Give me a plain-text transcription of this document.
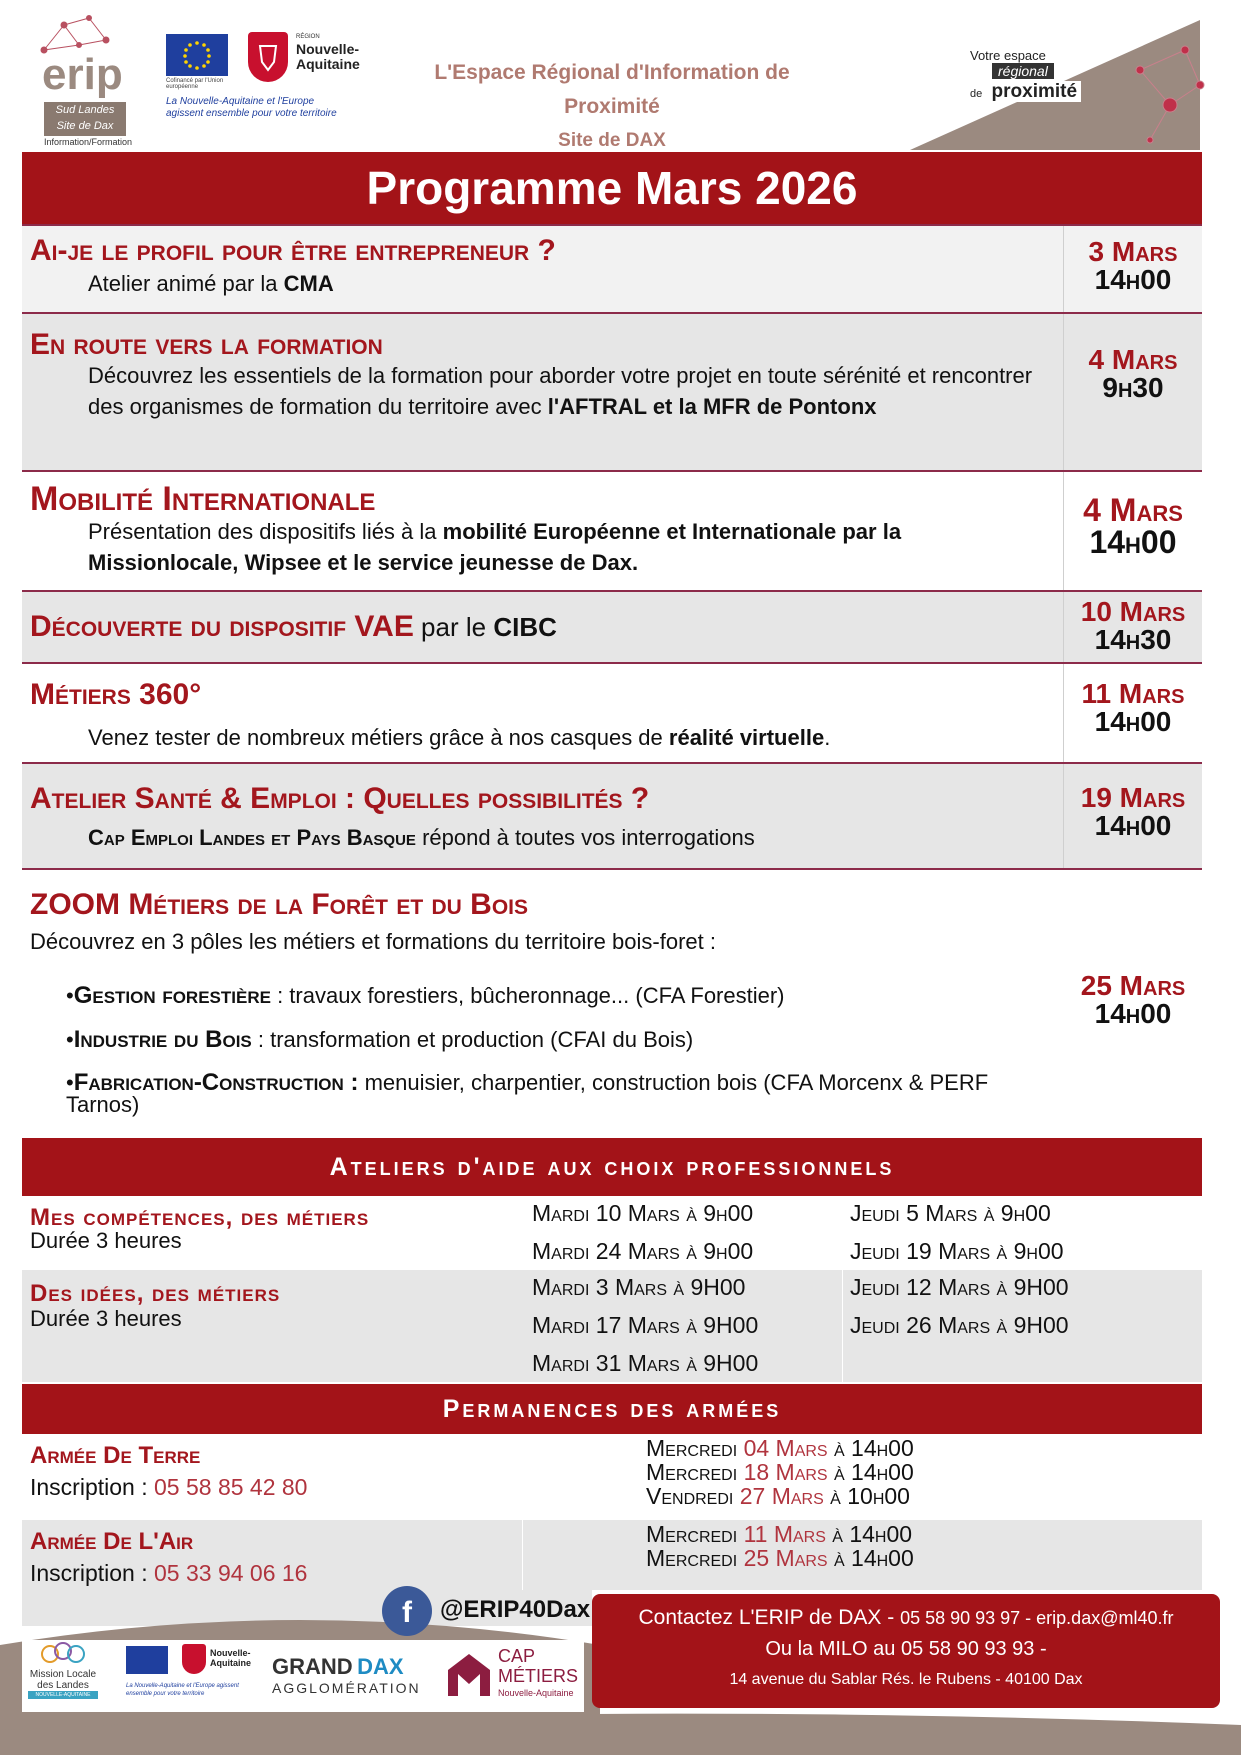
erip
Sud Landes
Site de Dax
Information/Formation
Cofinancé par l'Union européenne
RÉGION
Nouvelle-
Aquitaine
La Nouvelle-Aquitaine et l'Europe
agissent ensemble pour votre territoire
L'Espace Régional d'Information de Proximité
Site de DAX
Votre espace
régional
de proximité
Programme Mars 2026
Ai-je le profil pour être entrepreneur ?
Atelier animé par la CMA
3 Mars
14h00
En route vers la formation
Découvrez les essentiels de la formation pour aborder votre projet en toute sérénité et rencontrer des organismes de formation du territoire avec l'AFTRAL et la MFR de Pontonx
4 Mars
9h30
Mobilité Internationale
Présentation des dispositifs liés à la mobilité Européenne et Internationale par la Missionlocale, Wipsee et le service jeunesse de Dax.
4 Mars
14h00
Découverte du dispositif VAE par le CIBC	10 Mars
14h30
Métiers 360°
Venez tester de nombreux métiers grâce à nos casques de réalité virtuelle.
11 Mars
14h00
Atelier Santé & Emploi : Quelles possibilités ?
Cap Emploi Landes et Pays Basque répond à toutes vos interrogations
19 Mars
14h00
ZOOM Métiers de la Forêt et du Bois
Découvrez en 3 pôles les métiers et formations du territoire bois-foret :
•Gestion forestière : travaux forestiers, bûcheronnage... (CFA Forestier)
•Industrie du Bois : transformation et production (CFAI du Bois)
•Fabrication-Construction : menuisier, charpentier, construction bois (CFA Morcenx & PERF Tarnos)
25 Mars
14h00
Ateliers d'aide aux choix professionnels
Mes compétences, des métiers
Durée 3 heures
Mardi 10 Mars à 9h00
Mardi 24 Mars à 9h00
Jeudi 5 Mars à 9h00
Jeudi 19 Mars à 9h00
Des idées, des métiers
Durée 3 heures
Mardi 3 Mars à 9H00
Mardi 17 Mars à 9H00
Mardi 31 Mars à 9H00
Jeudi 12 Mars à 9H00
Jeudi 26 Mars à 9H00
Permanences des armées
Armée De Terre
Inscription : 05 58 85 42 80
Mercredi 04 Mars à 14h00
Mercredi 18 Mars à 14h00
Vendredi 27 Mars à 10h00
Armée De L'Air
Inscription : 05 33 94 06 16
Mercredi 11 Mars à 14h00
Mercredi 25 Mars à 14h00
f	@ERIP40Dax
Mission Locale
des Landes
NOUVELLE-AQUITAINE
Nouvelle-
Aquitaine
La Nouvelle-Aquitaine et l'Europe agissent ensemble pour votre territoire
GRAND DAX
AGGLOMÉRATION
CAP
MÉTIERS
Nouvelle-Aquitaine
Contactez L'ERIP de DAX - 05 58 90 93 97 - erip.dax@ml40.fr
Ou la MILO au 05 58 90 93 93 -
14 avenue du Sablar Rés. le Rubens - 40100 Dax
